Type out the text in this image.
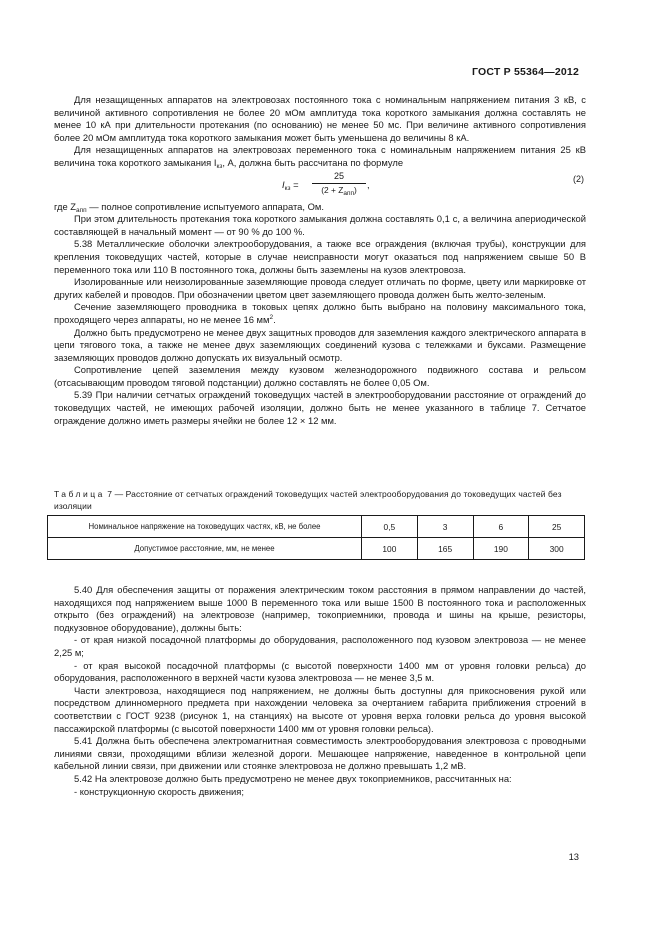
ГОСТ Р 55364—2012

Для незащищенных аппаратов на электровозах постоянного тока с номинальным напряжением питания 3 кВ, с величиной активного сопротивления не более 20 мОм амплитуда тока короткого замыкания должна составлять не менее 10 кА при длительности протекания (по основанию) не менее 50 мс. При величине активного сопротивления более 20 мОм амплитуда тока короткого замыкания может быть уменьшена до величины 8 кА.

Для незащищенных аппаратов на электровозах переменного тока с номинальным напряжением питания 25 кВ величина тока короткого замыкания $I_{кз}$, А, должна быть рассчитана по формуле

$I_{кз}$ =
25
$(2 + Z_{апп})$	,	(2)

где $Z_{апп}$ — полное сопротивление испытуемого аппарата, Ом.

При этом длительность протекания тока короткого замыкания должна составлять 0,1 с, а величина апериодической составляющей в начальный момент — от 90 % до 100 %.

5.38 Металлические оболочки электрооборудования, а также все ограждения (включая трубы), конструкции для крепления токоведущих частей, которые в случае неисправности могут оказаться под напряжением свыше 50 В переменного тока или 110 В постоянного тока, должны быть заземлены на кузов электровоза.

Изолированные или неизолированные заземляющие провода следует отличать по форме, цвету или маркировке от других кабелей и проводов. При обозначении цветом цвет заземляющего провода должен быть желто-зеленым.

Сечение заземляющего проводника в токовых цепях должно быть выбрано на половину максимального тока, проходящего через аппараты, но не менее 16 $мм^2$.

Должно быть предусмотрено не менее двух защитных проводов для заземления каждого электрического аппарата в цепи тягового тока, а также не менее двух заземляющих соединений кузова с тележками и буксами. Размещение заземляющих проводов должно допускать их визуальный осмотр.

Сопротивление цепей заземления между кузовом железнодорожного подвижного состава и рельсом (отсасывающим проводом тяговой подстанции) должно составлять не более 0,05 Ом.

5.39 При наличии сетчатых ограждений токоведущих частей в электрооборудовании расстояние от ограждений до токоведущих частей, не имеющих рабочей изоляции, должно быть не менее указанного в таблице 7. Сетчатое ограждение должно иметь размеры ячейки не более 12 × 12 мм.

Таблица 7 — Расстояние от сетчатых ограждений токоведущих частей электрооборудования до токоведущих частей без изоляции
Номинальное напряжение на токоведущих частях, кВ, не более	0,5	3	6	25
Допустимое расстояние, мм, не менее	100	165	190	300

5.40 Для обеспечения защиты от поражения электрическим током расстояния в прямом направлении до частей, находящихся под напряжением выше 1000 В переменного тока или выше 1500 В постоянного тока и расположенных открыто (без ограждений) на электровозе (например, токоприемники, провода и шины на крыше, резисторы, подкузовное оборудование), должны быть:

- от края низкой посадочной платформы до оборудования, расположенного под кузовом электровоза — не менее 2,25 м;

- от края высокой посадочной платформы (с высотой поверхности 1400 мм от уровня головки рельса) до оборудования, расположенного в верхней части кузова электровоза — не менее 3,5 м.

Части электровоза, находящиеся под напряжением, не должны быть доступны для прикосновения рукой или посредством длинномерного предмета при нахождении человека за очертанием габарита приближения строений в соответствии с ГОСТ 9238 (рисунок 1, на станциях) на высоте от уровня верха головки рельса до уровня высокой пассажирской платформы (с высотой поверхности 1400 мм от уровня головки рельса).

5.41 Должна быть обеспечена электромагнитная совместимость электрооборудования электровоза с проводными линиями связи, проходящими вблизи железной дороги. Мешающее напряжение, наведенное в контрольной цепи кабельной линии связи, при движении или стоянке электровоза не должно превышать 1,2 мВ.

5.42 На электровозе должно быть предусмотрено не менее двух токоприемников, рассчитанных на:

- конструкционную скорость движения;

13
